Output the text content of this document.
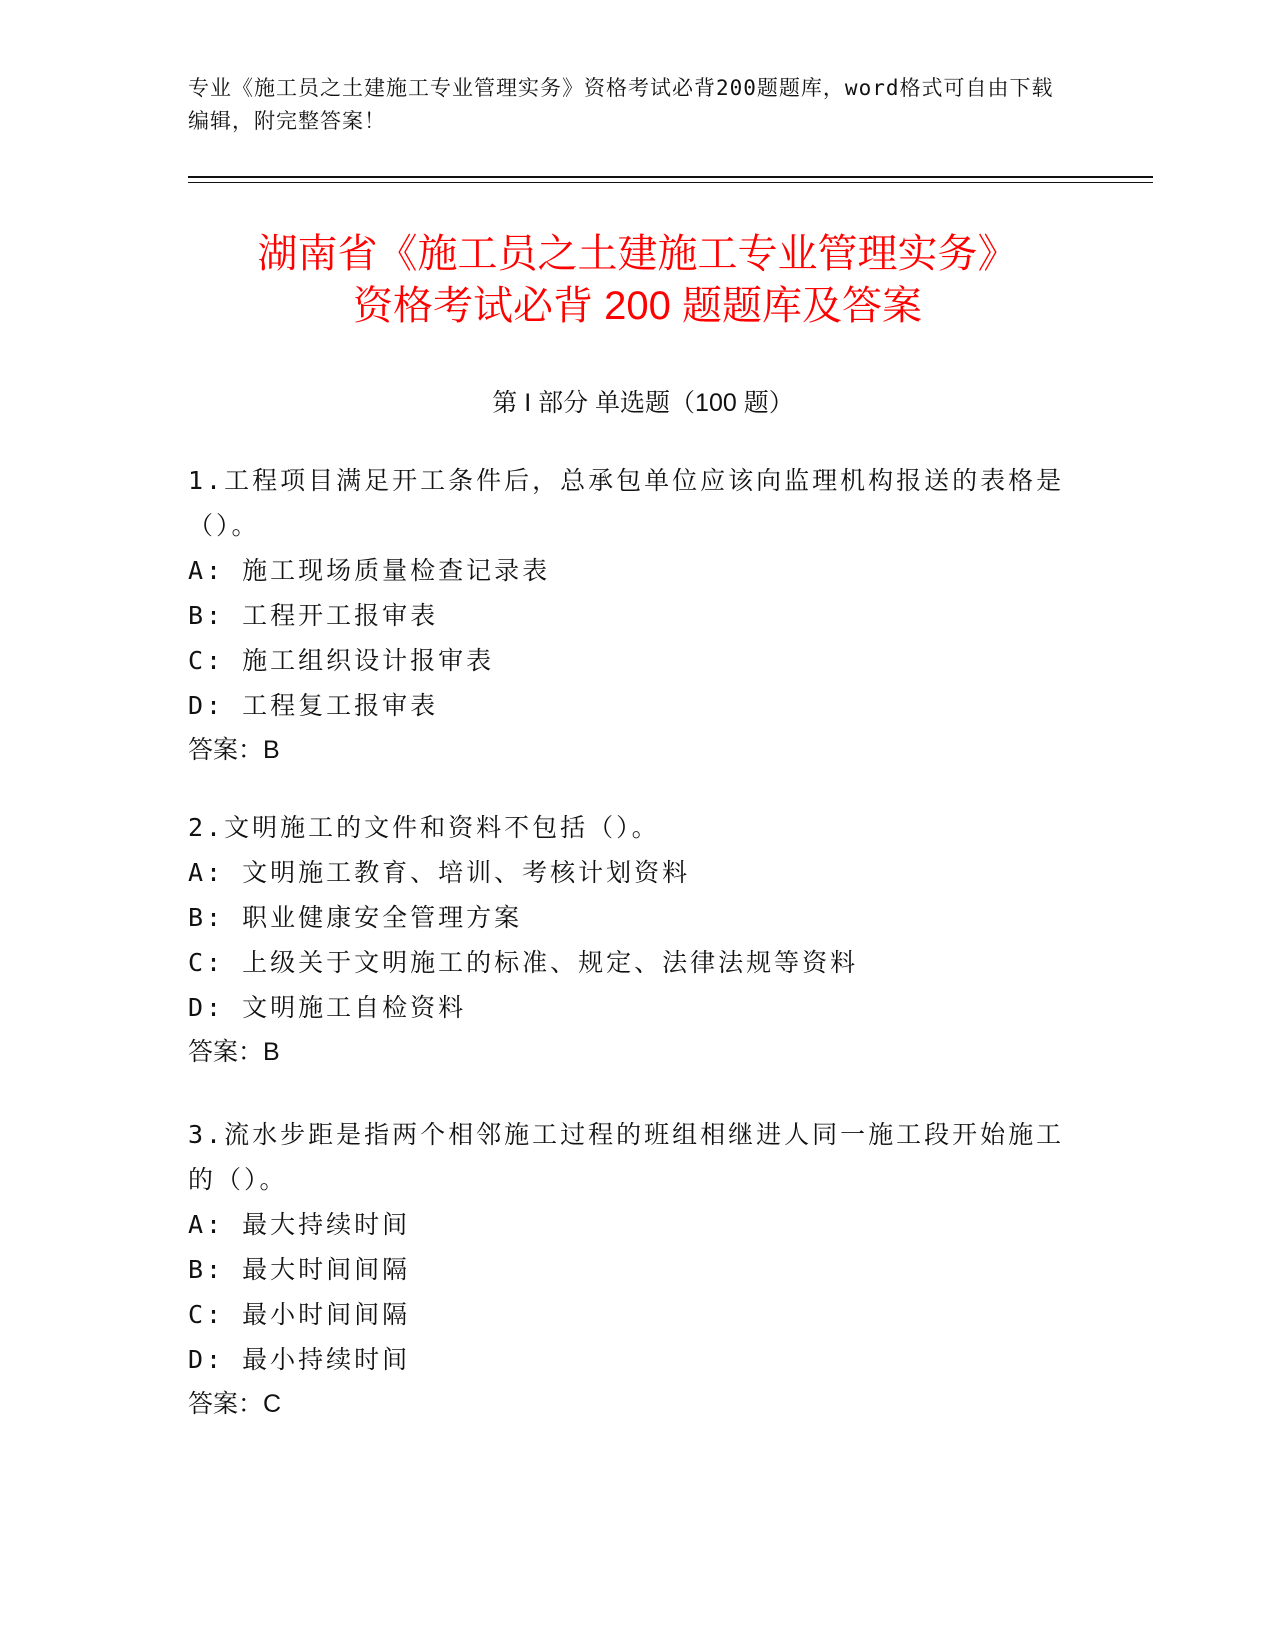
专业《施工员之土建施工专业管理实务》资格考试必背200题题库，word格式可自由下载编辑，附完整答案！
湖南省《施工员之土建施工专业管理实务》
资格考试必背 200 题题库及答案
第 I 部分 单选题（100 题）

1.工程项目满足开工条件后，总承包单位应该向监理机构报送的表格是（）。

A: 施工现场质量检查记录表

B: 工程开工报审表

C: 施工组织设计报审表

D: 工程复工报审表

答案：B

2.文明施工的文件和资料不包括（）。

A: 文明施工教育、培训、考核计划资料

B: 职业健康安全管理方案

C: 上级关于文明施工的标准、规定、法律法规等资料

D: 文明施工自检资料

答案：B

3.流水步距是指两个相邻施工过程的班组相继进人同一施工段开始施工的（）。

A: 最大持续时间

B: 最大时间间隔

C: 最小时间间隔

D: 最小持续时间

答案：C
